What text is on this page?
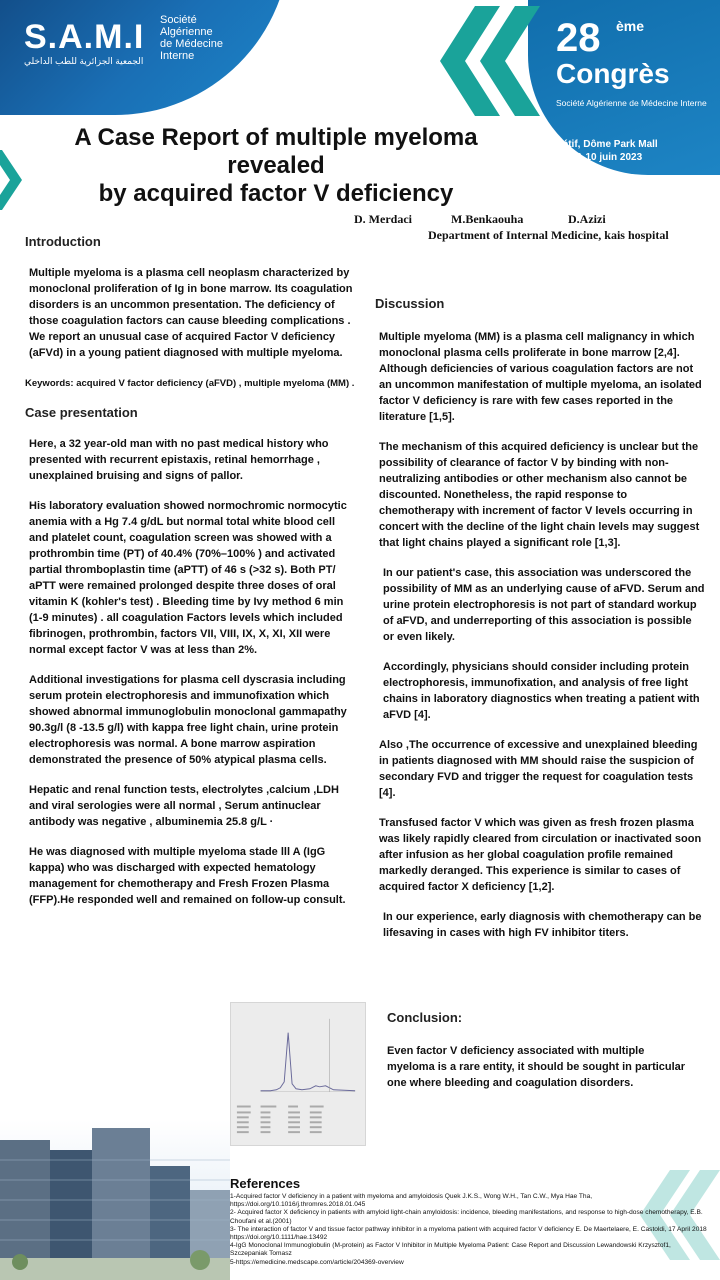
S.A.M.I Société
Algérienne
de Médecine
Interne
الجمعية الجزائرية للطب الداخلي
28 ème
Congrès
Société Algérienne de Médecine Interne
Sétif, Dôme Park Mall
8, 9 & 10 juin 2023
A Case Report of multiple myeloma revealed
by acquired factor V deficiency
D. Merdaci	M.Benkaouha	D.Azizi
Department of Internal Medicine, kais hospital
Introduction

Multiple myeloma is a plasma cell neoplasm characterized by monoclonal proliferation of Ig in bone marrow. Its coagulation disorders is an uncommon presentation. The deficiency of those coagulation factors can cause bleeding complications . We report an unusual case of acquired Factor V deficiency (aFVd) in a young patient diagnosed with multiple myeloma.

Keywords: acquired V factor deficiency (aFVD) , multiple myeloma (MM) .

Case presentation

Here, a 32 year-old man with no past medical history who presented with recurrent epistaxis, retinal hemorrhage , unexplained bruising and signs of pallor.

His laboratory evaluation showed normochromic normocytic anemia with a Hg 7.4 g/dL but normal total white blood cell and platelet count, coagulation screen was showed with a prothrombin time (PT) of 40.4% (70%–100% ) and activated partial thromboplastin time (aPTT) of 46 s (>32 s). Both PT/ aPTT were remained prolonged despite three doses of oral vitamin K (kohler's test) . Bleeding time by Ivy method 6 min (1-9 minutes) . all coagulation Factors levels which included fibrinogen, prothrombin, factors VII, VIII, IX, X, XI, XII were normal except factor V was at less than 2%.

Additional investigations for plasma cell dyscrasia including serum protein electrophoresis and immunofixation which showed abnormal immunoglobulin monoclonal gammapathy 90.3g/l (8 -13.5 g/l) with kappa free light chain, urine protein electrophoresis was normal. A bone marrow aspiration demonstrated the presence of 50% atypical plasma cells.

Hepatic and renal function tests, electrolytes ,calcium ,LDH and viral serologies were all normal , Serum antinuclear antibody was negative , albuminemia 25.8 g/L ·

He was diagnosed with multiple myeloma stade lll A (IgG kappa) who was discharged with expected hematology management for chemotherapy and Fresh Frozen Plasma (FFP).He responded well and remained on follow-up consult.

Discussion

Multiple myeloma (MM) is a plasma cell malignancy in which monoclonal plasma cells proliferate in bone marrow [2,4].

Although deficiencies of various coagulation factors are not an uncommon manifestation of multiple myeloma, an isolated factor V deficiency is rare with few cases reported in the literature [1,5].

The mechanism of this acquired deficiency is unclear but the possibility of clearance of factor V by binding with non-neutralizing antibodies or other mechanism also cannot be discounted. Nonetheless, the rapid response to chemotherapy with increment of factor V levels occurring in concert with the decline of the light chain levels may suggest that light chains played a significant role [1,3].

In our patient's case, this association was underscored the possibility of MM as an underlying cause of aFVD. Serum and urine protein electrophoresis is not part of standard workup of aFVD, and underreporting of this association is possible or even likely.

Accordingly, physicians should consider including protein electrophoresis, immunofixation, and analysis of free light chains in laboratory diagnostics when treating a patient with aFVD [4].

Also ,The occurrence of excessive and unexplained bleeding in patients diagnosed with MM should raise the suspicion of secondary FVD and trigger the request for coagulation tests [4].

Transfused factor V which was given as fresh frozen plasma was likely rapidly cleared from circulation or inactivated soon after infusion as her global coagulation profile remained markedly deranged. This experience is similar to cases of acquired factor X deficiency [1,2].

In our experience, early diagnosis with chemotherapy can be lifesaving in cases with high FV inhibitor titers.

Conclusion:

Even factor V deficiency associated with multiple myeloma is a rare entity, it should be sought in particular one where bleeding and coagulation disorders.

References

1-Acquired factor V deficiency in a patient with myeloma and amyloidosis Quek J.K.S., Wong W.H., Tan C.W., Mya Hae Tha, https://doi.org/10.1016/j.thromres.2018.01.045

2- Acquired factor X deficiency in patients with amyloid light-chain amyloidosis: incidence, bleeding manifestations, and response to high-dose chemotherapy, E.B. Choufani et al.(2001)

3- The interaction of factor V and tissue factor pathway inhibitor in a myeloma patient with acquired factor V deficiency E. De Maertelaere, E. Castoldi, 17 April 2018 https://doi.org/10.1111/hae.13492

4-IgG Monoclonal Immunoglobulin (M-protein) as Factor V Inhibitor in Multiple Myeloma Patient: Case Report and Discussion Lewandowski Krzysztof1, Szczepaniak Tomasz

5-https://emedicine.medscape.com/article/204369-overview
